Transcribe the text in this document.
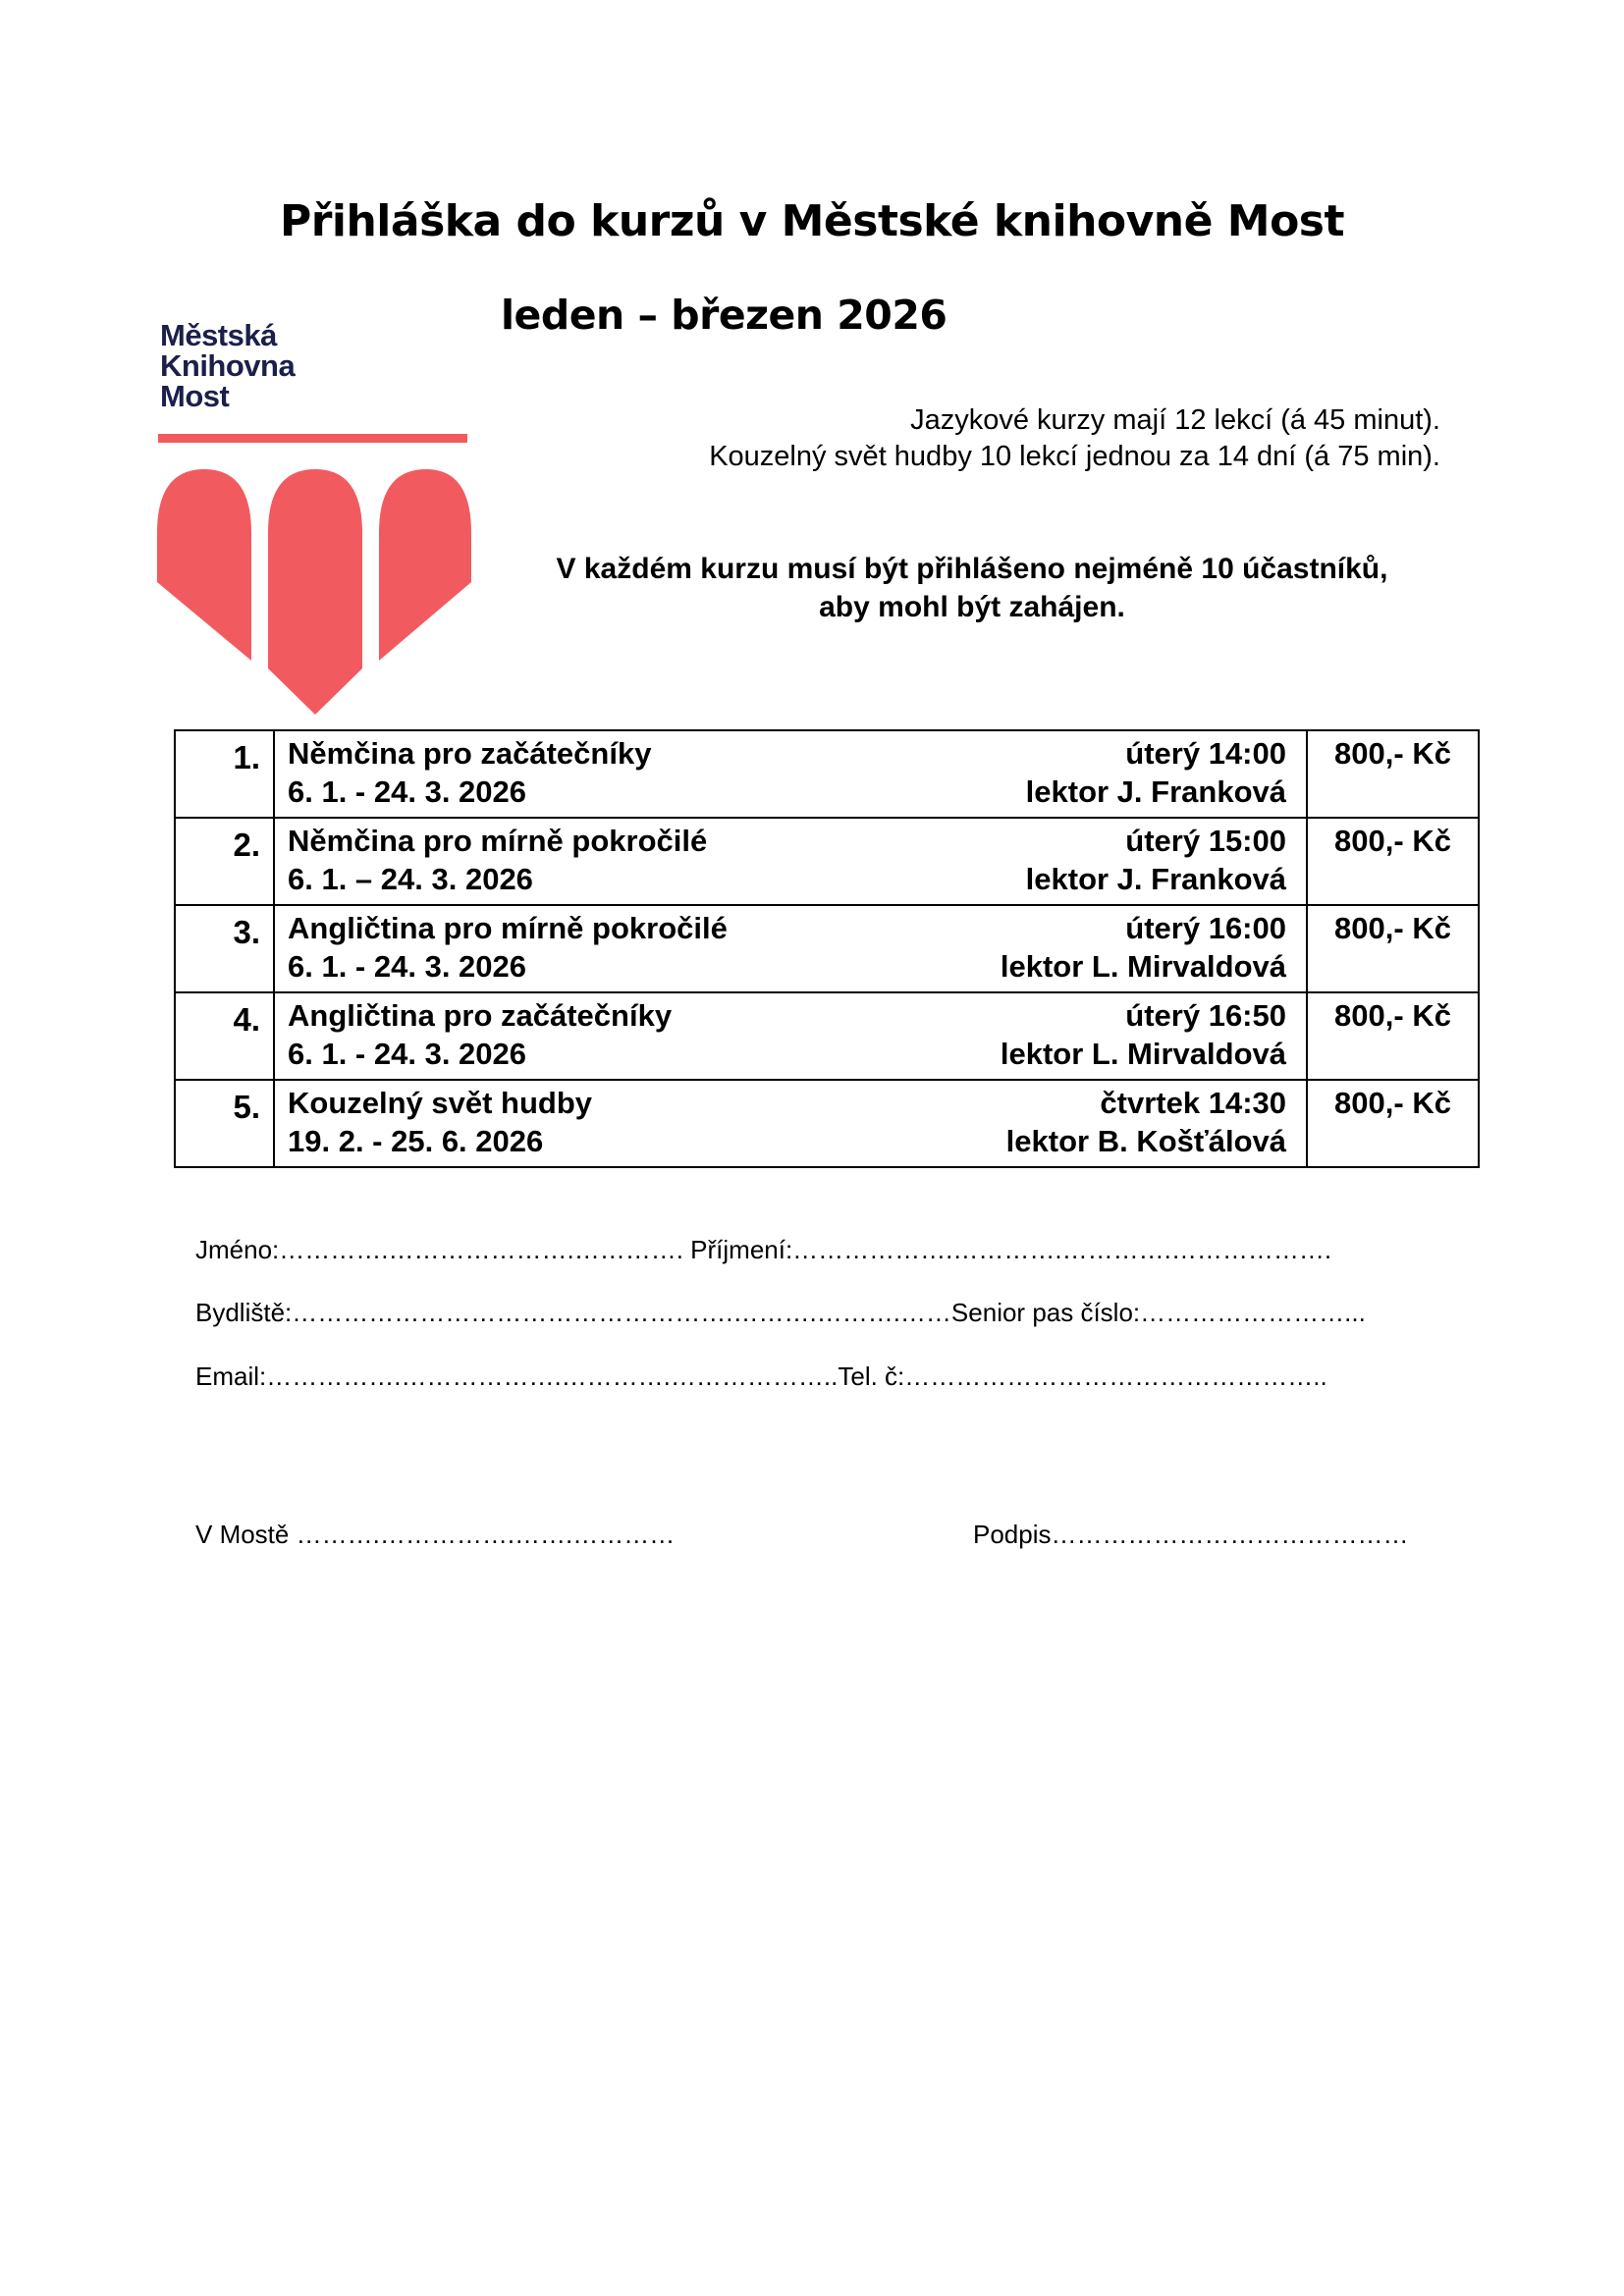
Přihláška do kurzů v Městské knihovně Most
leden – březen 2026
Městská
Knihovna
Most
Jazykové kurzy mají 12 lekcí (á 45 minut).
Kouzelný svět hudby 10 lekcí jednou za 14 dní (á 75 min).
V každém kurzu musí být přihlášeno nejméně 10 účastníků,
aby mohl být zahájen.
1.	Němčina pro začátečníky
6. 1. - 24. 3. 2026
úterý 14:00
lektor J. Franková	800,- Kč
2.	Němčina pro mírně pokročilé
6. 1. – 24. 3. 2026
úterý 15:00
lektor J. Franková	800,- Kč
3.	Angličtina pro mírně pokročilé
6. 1. - 24. 3. 2026
úterý 16:00
lektor L. Mirvaldová	800,- Kč
4.	Angličtina pro začátečníky
6. 1. - 24. 3. 2026
úterý 16:50
lektor L. Mirvaldová	800,- Kč
5.	Kouzelný svět hudby
19. 2. - 25. 6. 2026
čtvrtek 14:30
lektor B. Košťálová	800,- Kč
Jméno:………….………………….…………. Příjmení:……………….………….………….……………….
Bydliště:…………………………………………….……….……….……Senior pas číslo:……………………...
Email:…………….……………….………….………………..Tel. č:…………………………………………..
V Mostě ……….…………….…….…………	Podpis……………………………………
